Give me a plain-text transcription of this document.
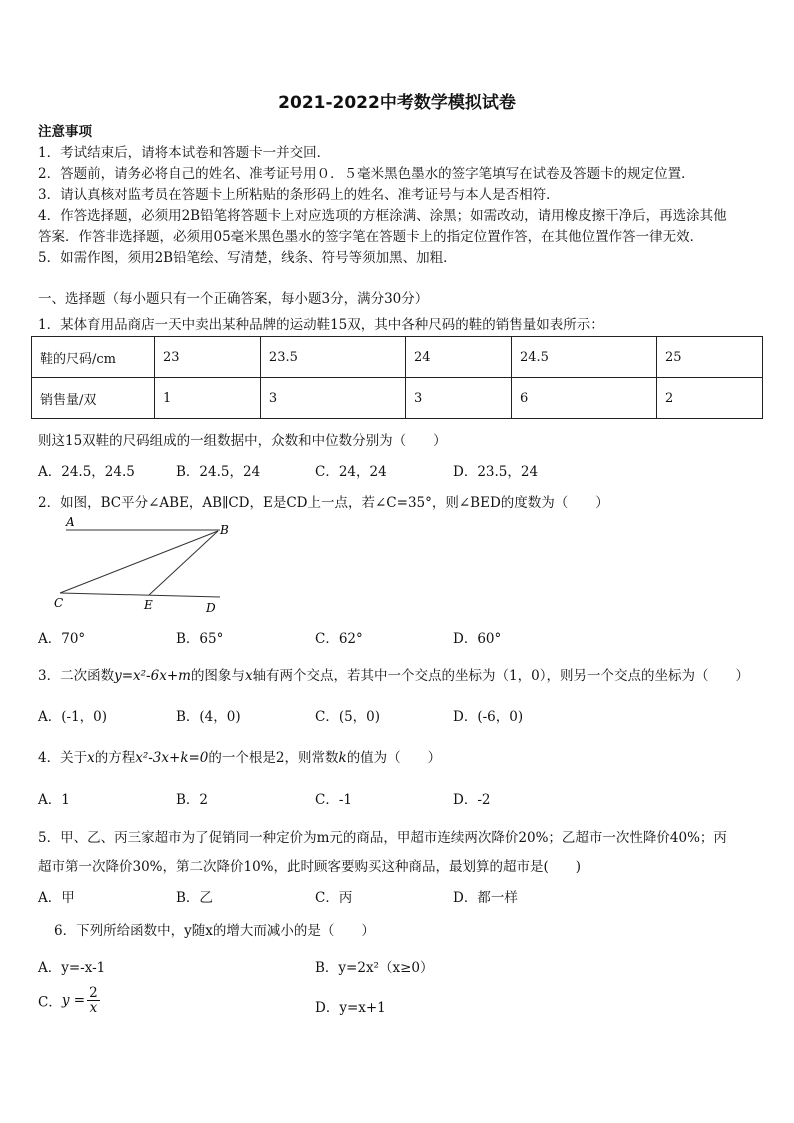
2021-2022中考数学模拟试卷
注意事项
1．考试结束后，请将本试卷和答题卡一并交回．
2．答题前，请务必将自己的姓名、准考证号用０．５毫米黑色墨水的签字笔填写在试卷及答题卡的规定位置．
3．请认真核对监考员在答题卡上所粘贴的条形码上的姓名、准考证号与本人是否相符．
4．作答选择题，必须用2B铅笔将答题卡上对应选项的方框涂满、涂黑；如需改动，请用橡皮擦干净后，再选涂其他
答案．作答非选择题，必须用05毫米黑色墨水的签字笔在答题卡上的指定位置作答，在其他位置作答一律无效．
5．如需作图，须用2B铅笔绘、写清楚，线条、符号等须加黑、加粗．
一、选择题（每小题只有一个正确答案，每小题3分，满分30分）
1．某体育用品商店一天中卖出某种品牌的运动鞋15双，其中各种尺码的鞋的销售量如表所示：
鞋的尺码/cm	23	23.5	24	24.5	25
销售量/双	1	3	3	6	2
则这15双鞋的尺码组成的一组数据中，众数和中位数分别为（　　）
A．24.5，24.5	B．24.5，24	C．24，24	D．23.5，24
2．如图，BC平分∠ABE，AB∥CD，E是CD上一点，若∠C=35°，则∠BED的度数为（　　）
A
B
C	E	D
A．70°	B．65°	C．62°	D．60°
3．二次函数y=x²-6x+m的图象与x轴有两个交点，若其中一个交点的坐标为（1，0），则另一个交点的坐标为（　　）
A．(-1，0)	B．(4，0)	C．(5，0)	D．(-6，0)
4．关于x的方程x²-3x+k=0的一个根是2，则常数k的值为（　　）
A．1	B．2	C．-1	D．-2
5．甲、乙、丙三家超市为了促销同一种定价为m元的商品，甲超市连续两次降价20%；乙超市一次性降价40%；丙
超市第一次降价30%，第二次降价10%，此时顾客要购买这种商品，最划算的超市是(　　)
A．甲	B．乙	C．丙	D．都一样
6．下列所给函数中，y随x的增大而减小的是（　　）
A．y=-x-1	B．y=2x²（x≥0）
C．$y = \frac{2}{x}$	D．y=x+1
